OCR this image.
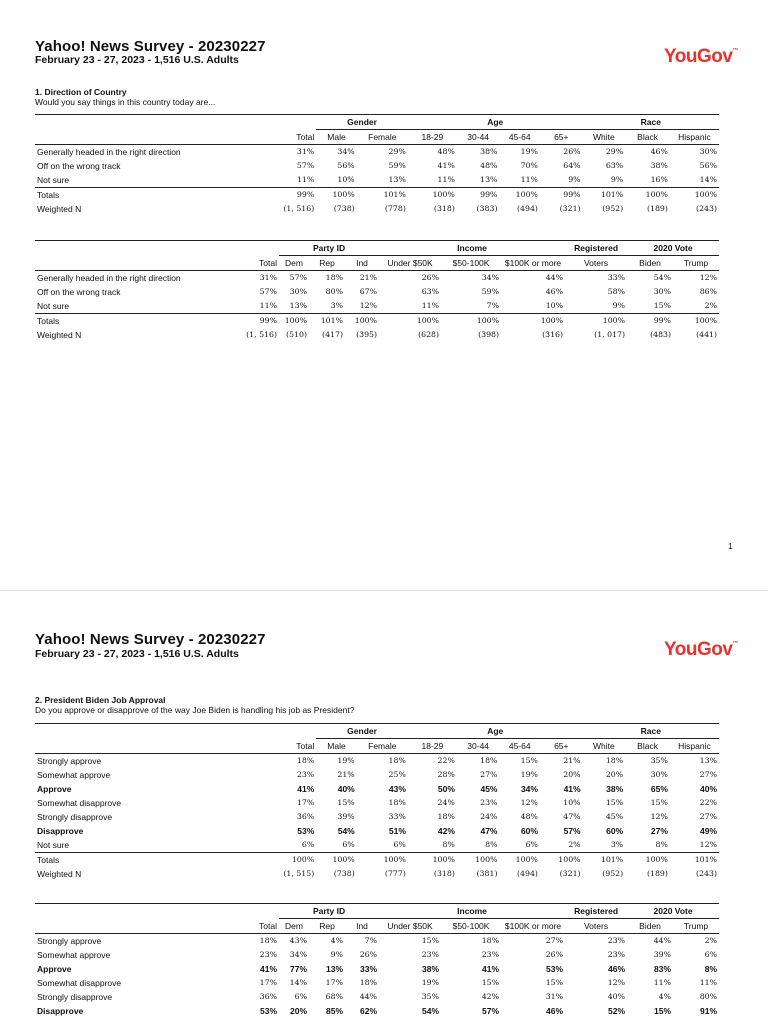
Yahoo! News Survey - 20230227
February 23 - 27, 2023 - 1,516 U.S. Adults	YouGov™
1. Direction of Country
Would you say things in this country today are...
		Gender		Age				Race		
	Total	Male	Female	18-29	30-44	45-64	65+	White	Black	Hispanic
Generally headed in the right direction	31%	34%	29%	48%	38%	19%	26%	29%	46%	30%
Off on the wrong track	57%	56%	59%	41%	48%	70%	64%	63%	38%	56%
Not sure	11%	10%	13%	11%	13%	11%	9%	9%	16%	14%
Totals	99%	100%	101%	100%	99%	100%	99%	101%	100%	100%
Weighted N	(1, 516)	(738)	(778)	(318)	(383)	(494)	(321)	(952)	(189)	(243)
		Party ID			Income			Registered	2020 Vote	
	Total	Dem	Rep	Ind	Under $50K	$50-100K	$100K or more	Voters	Biden	Trump
Generally headed in the right direction	31%	57%	18%	21%	26%	34%	44%	33%	54%	12%
Off on the wrong track	57%	30%	80%	67%	63%	59%	46%	58%	30%	86%
Not sure	11%	13%	3%	12%	11%	7%	10%	9%	15%	2%
Totals	99%	100%	101%	100%	100%	100%	100%	100%	99%	100%
Weighted N	(1, 516)	(510)	(417)	(395)	(628)	(398)	(316)	(1, 017)	(483)	(441)
1
Yahoo! News Survey - 20230227
February 23 - 27, 2023 - 1,516 U.S. Adults	YouGov™
2. President Biden Job Approval
Do you approve or disapprove of the way Joe Biden is handling his job as President?
		Gender		Age				Race		
	Total	Male	Female	18-29	30-44	45-64	65+	White	Black	Hispanic
Strongly approve	18%	19%	18%	22%	18%	15%	21%	18%	35%	13%
Somewhat approve	23%	21%	25%	28%	27%	19%	20%	20%	30%	27%
Approve	41%	40%	43%	50%	45%	34%	41%	38%	65%	40%
Somewhat disapprove	17%	15%	18%	24%	23%	12%	10%	15%	15%	22%
Strongly disapprove	36%	39%	33%	18%	24%	48%	47%	45%	12%	27%
Disapprove	53%	54%	51%	42%	47%	60%	57%	60%	27%	49%
Not sure	6%	6%	6%	8%	8%	6%	2%	3%	8%	12%
Totals	100%	100%	100%	100%	100%	100%	100%	101%	100%	101%
Weighted N	(1, 515)	(738)	(777)	(318)	(381)	(494)	(321)	(952)	(189)	(243)
		Party ID			Income			Registered	2020 Vote	
	Total	Dem	Rep	Ind	Under $50K	$50-100K	$100K or more	Voters	Biden	Trump
Strongly approve	18%	43%	4%	7%	15%	18%	27%	23%	44%	2%
Somewhat approve	23%	34%	9%	26%	23%	23%	26%	23%	39%	6%
Approve	41%	77%	13%	33%	38%	41%	53%	46%	83%	8%
Somewhat disapprove	17%	14%	17%	18%	19%	15%	15%	12%	11%	11%
Strongly disapprove	36%	6%	68%	44%	35%	42%	31%	40%	4%	80%
Disapprove	53%	20%	85%	62%	54%	57%	46%	52%	15%	91%
